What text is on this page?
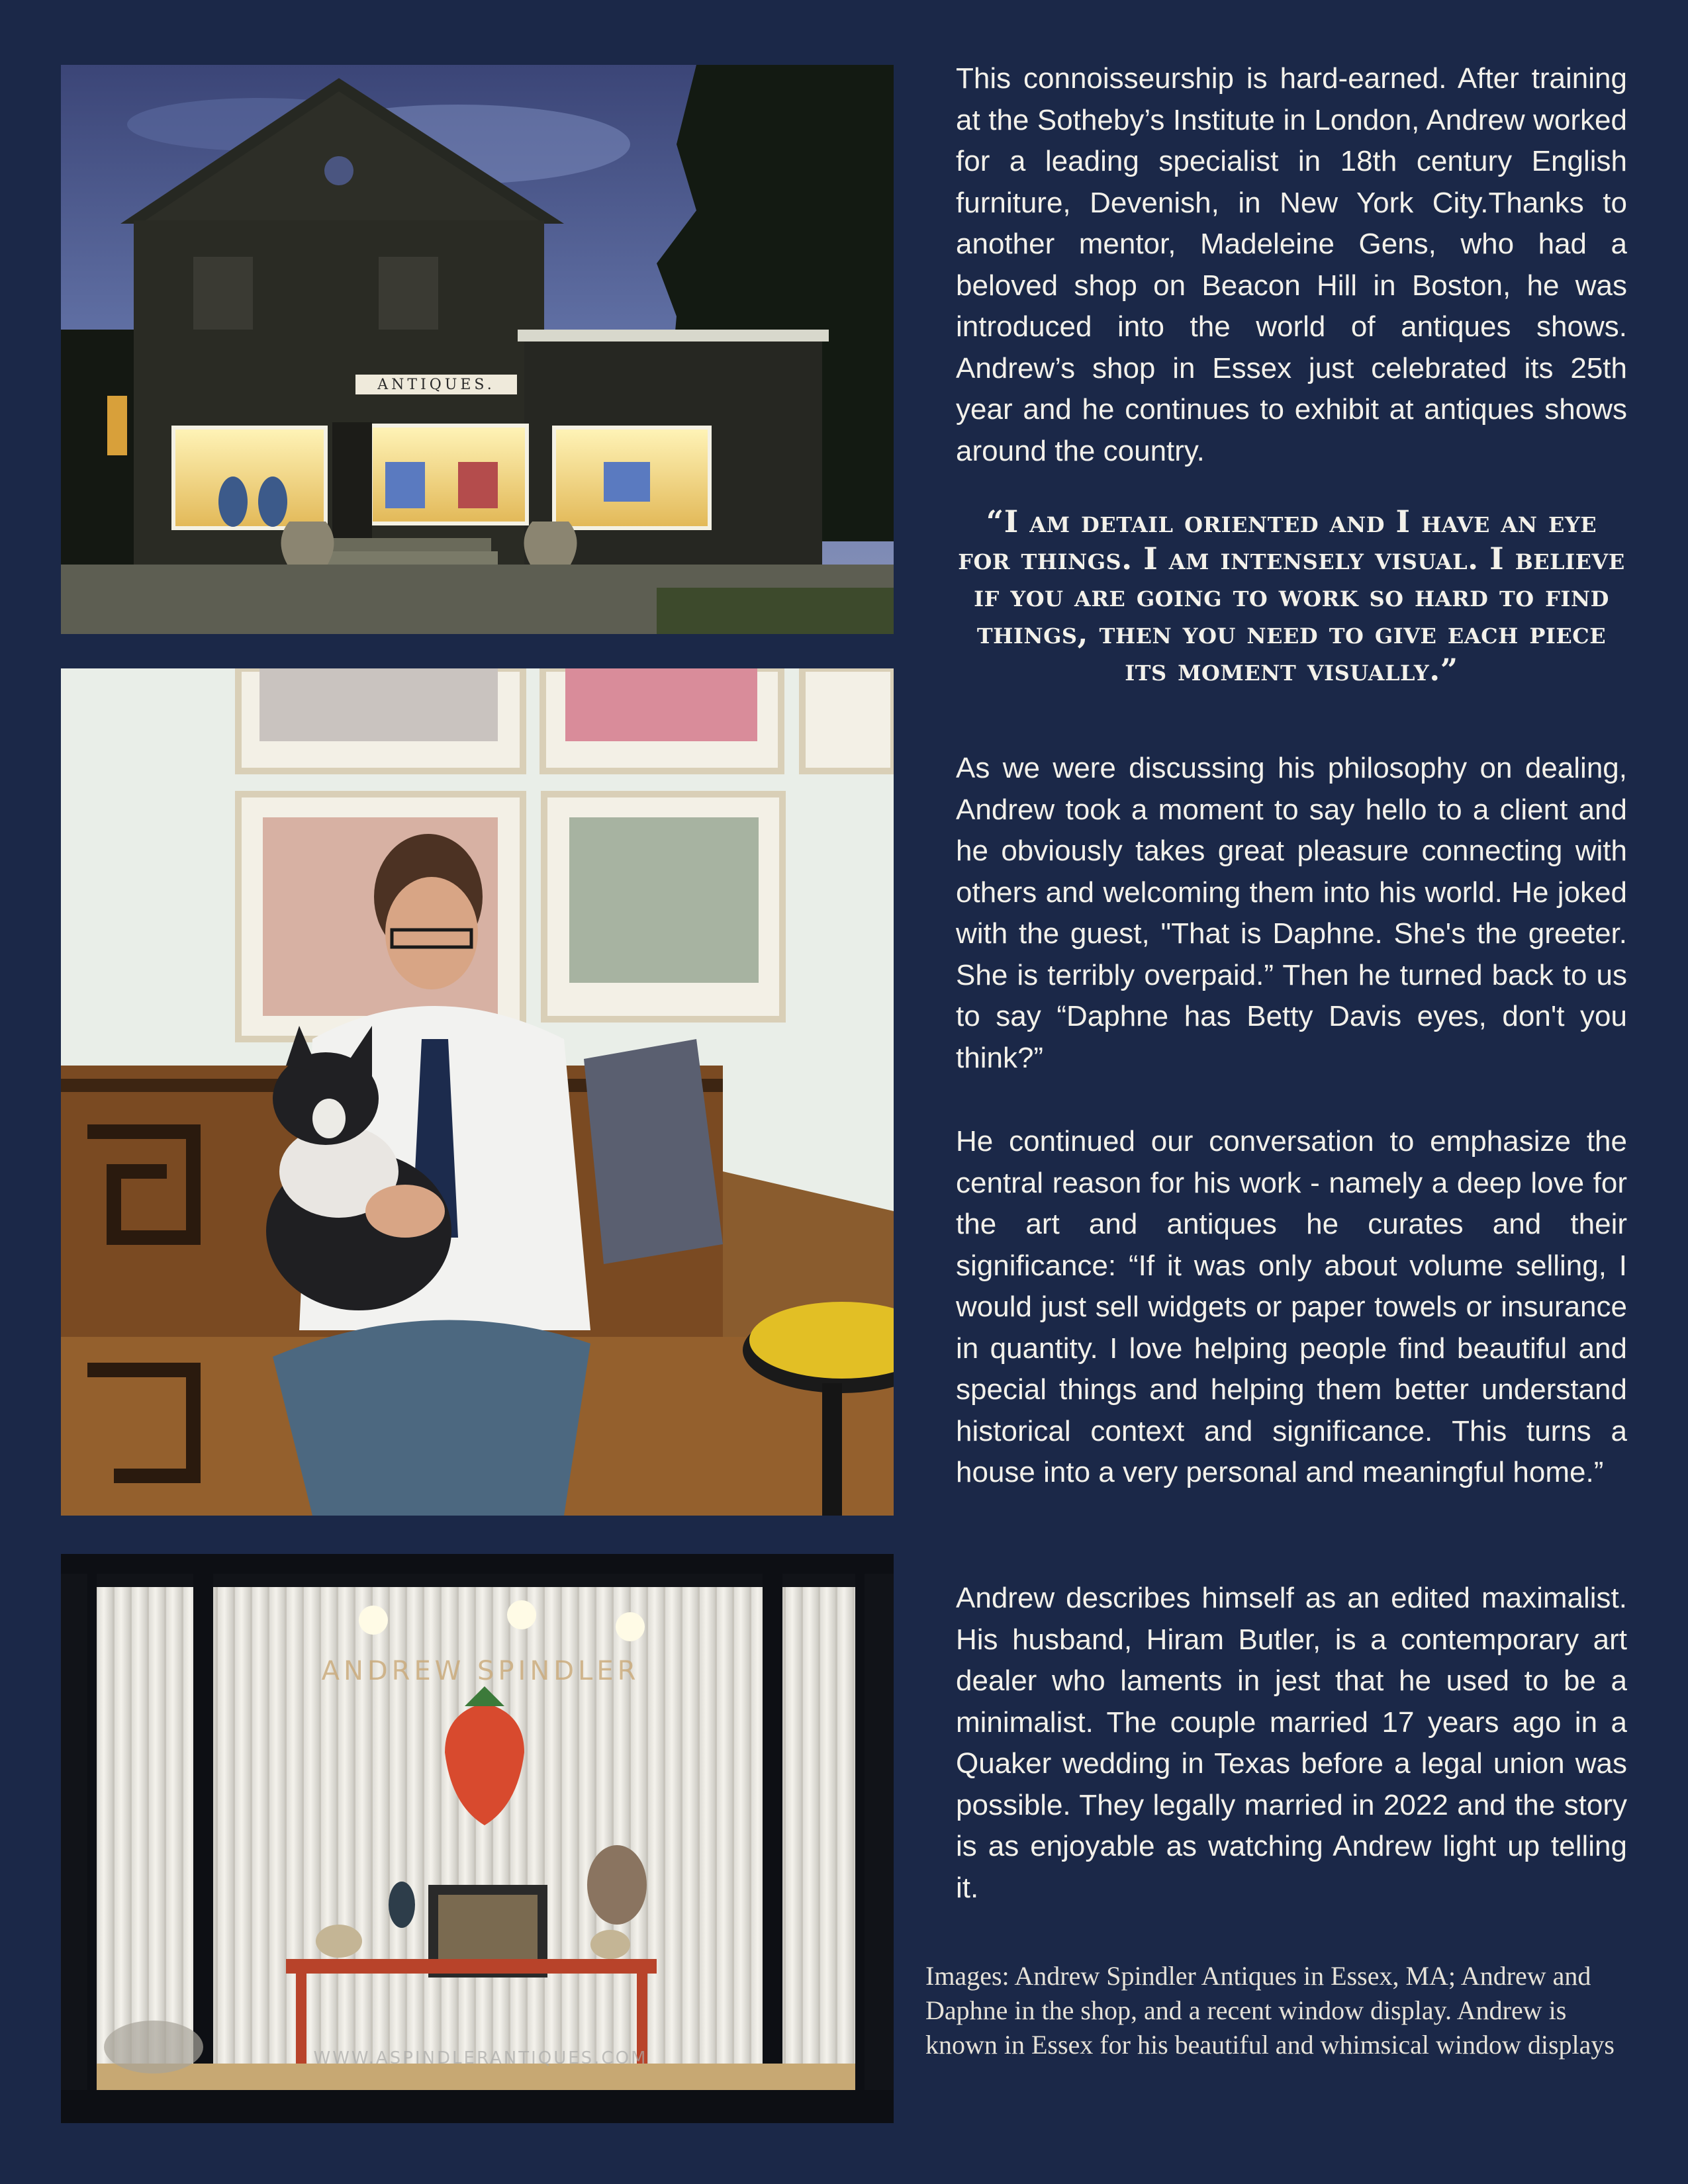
ANTIQUES.
ANDREW SPINDLER
WWW.ASPINDLERANTIQUES.COM

This connoisseurship is hard-earned. After training at the Sotheby’s Institute in London, Andrew worked for a leading specialist in 18th century English furniture, Devenish, in New York City.Thanks to another mentor, Madeleine Gens, who had a beloved shop on Beacon Hill in Boston, he was introduced into the world of antiques shows. Andrew’s shop in Essex just celebrated its 25th year and he continues to exhibit at antiques shows around the country.

“I am detail oriented and I have an eye for things. I am intensely visual. I believe if you are going to work so hard to find things, then you need to give each piece its moment visually.”

As we were discussing his philosophy on dealing, Andrew took a moment to say hello to a client and he obviously takes great pleasure connecting with others and welcoming them into his world. He joked with the guest, "That is Daphne. She's the greeter. She is terribly overpaid.” Then he turned back to us to say “Daphne has Betty Davis eyes, don't you think?”

He continued our conversation to emphasize the central reason for his work - namely a deep love for the art and antiques he curates and their significance: “If it was only about volume selling, I would just sell widgets or paper towels or insurance in quantity. I love helping people find beautiful and special things and helping them better understand historical context and significance. This turns a house into a very personal and meaningful home.”

Andrew describes himself as an edited maximalist. His husband, Hiram Butler, is a contemporary art dealer who laments in jest that he used to be a minimalist. The couple married 17 years ago in a Quaker wedding in Texas before a legal union was possible. They legally married in 2022 and the story is as enjoyable as watching Andrew light up telling it.

Images: Andrew Spindler Antiques in Essex, MA; Andrew and Daphne in the shop, and a recent window display. Andrew is known in Essex for his beautiful and whimsical window displays
